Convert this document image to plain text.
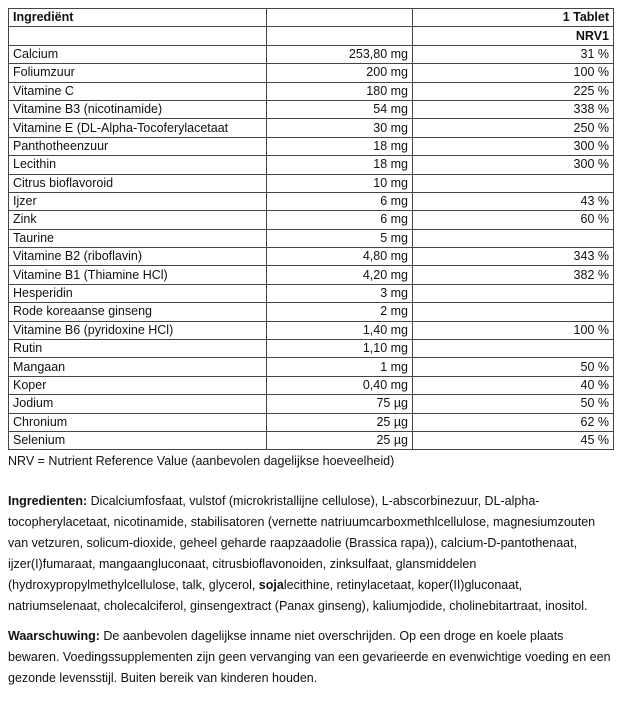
Ingrediënt		1 Tablet
		NRV1
Calcium	253,80 mg	31 %
Foliumzuur	200 mg	100 %
Vitamine C	180 mg	225 %
Vitamine B3 (nicotinamide)	54 mg	338 %
Vitamine E (DL-Alpha-Tocoferylacetaat	30 mg	250 %
Panthotheenzuur	18 mg	300 %
Lecithin	18 mg	300 %
Citrus bioflavoroid	10 mg	
Ijzer	6 mg	43 %
Zink	6 mg	60 %
Taurine	5 mg	
Vitamine B2 (riboflavin)	4,80 mg	343 %
Vitamine B1 (Thiamine HCl)	4,20 mg	382 %
Hesperidin	3 mg	
Rode koreaanse ginseng	2 mg	
Vitamine B6 (pyridoxine HCl)	1,40 mg	100 %
Rutin	1,10 mg	
Mangaan	1 mg	50 %
Koper	0,40 mg	40 %
Jodium	75 µg	50 %
Chronium	25 µg	62 %
Selenium	25 µg	45 %
NRV = Nutrient Reference Value (aanbevolen dagelijkse hoeveelheid)
Ingredienten: Dicalciumfosfaat, vulstof (microkristallijne cellulose), L-abscorbinezuur, DL-alpha-tocopherylacetaat, nicotinamide, stabilisatoren (vernette natriuumcarboxmethlcellulose, magnesiumzouten van vetzuren, solicum-dioxide, geheel geharde raapzaadolie (Brassica rapa)), calcium-D-pantothenaat, ijzer(I)fumaraat, mangaangluconaat, citrusbioflavonoiden, zinksulfaat, glansmiddelen (hydroxypropylmethylcellulose, talk, glycerol, sojalecithine, retinylacetaat, koper(II)gluconaat, natriumselenaat, cholecalciferol, ginsengextract (Panax ginseng), kaliumjodide, cholinebitartraat, inositol.
Waarschuwing: De aanbevolen dagelijkse inname niet overschrijden. Op een droge en koele plaats bewaren. Voedingssupplementen zijn geen vervanging van een gevarieerde en evenwichtige voeding en een gezonde levensstijl. Buiten bereik van kinderen houden.
